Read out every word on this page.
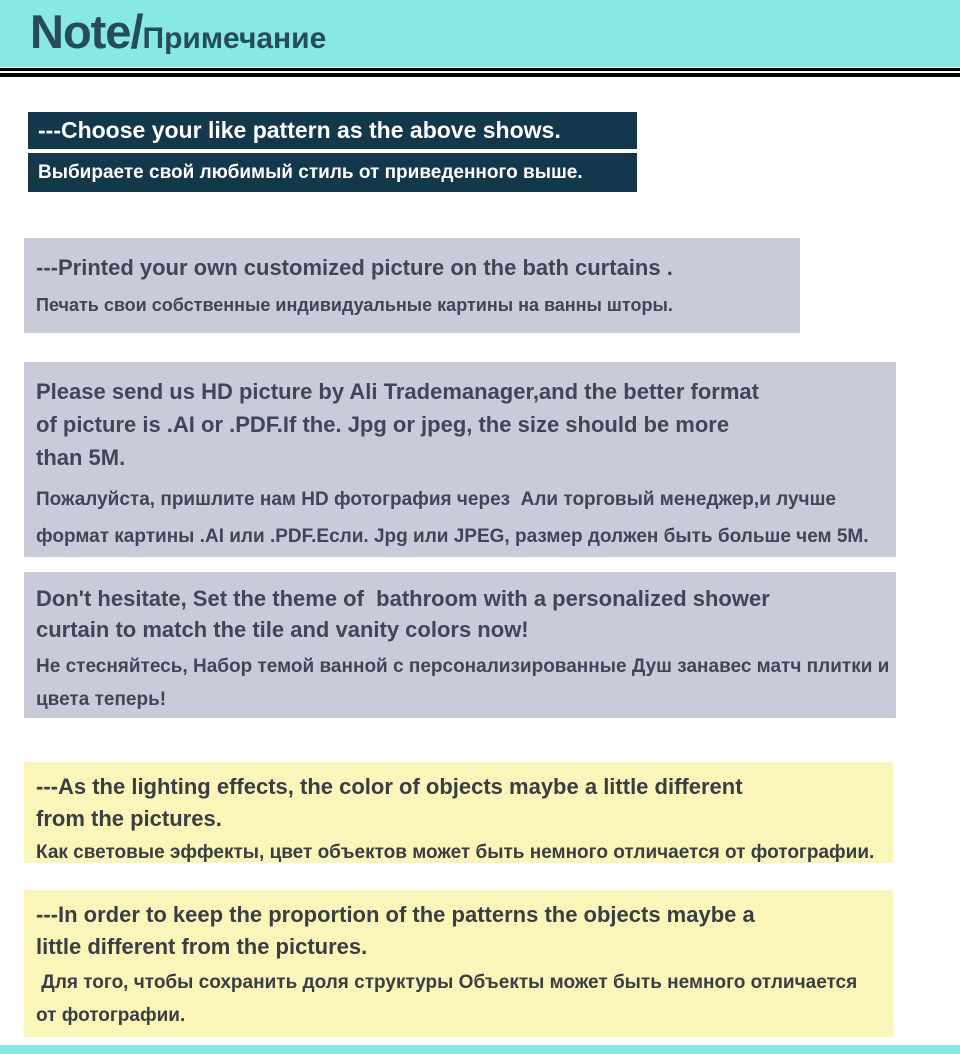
Note/ Примечание
---Choose your like pattern as the above shows.
Выбираете свой любимый стиль от приведенного выше.
---Printed your own customized picture on the bath curtains .
Печать свои собственные индивидуальные картины на ванны шторы.
Please send us HD picture by Ali Trademanager,and the better format
of picture is .AI or .PDF.If the. Jpg or jpeg, the size should be more
than 5M.
Пожалуйста, пришлите нам HD фотография через  Али торговый менеджер,и лучше
формат картины .AI или .PDF.Если. Jpg или JPEG, размер должен быть больше чем 5M.
Don't hesitate, Set the theme of  bathroom with a personalized shower
curtain to match the tile and vanity colors now!
Не стесняйтесь, Набор темой ванной с персонализированные Душ занавес матч плитки и
цвета теперь!
---As the lighting effects, the color of objects maybe a little different
from the pictures.
Как световые эффекты, цвет объектов может быть немного отличается от фотографии.
---In order to keep the proportion of the patterns the objects maybe a
little different from the pictures.
Для того, чтобы сохранить доля структуры Объекты может быть немного отличается
от фотографии.
